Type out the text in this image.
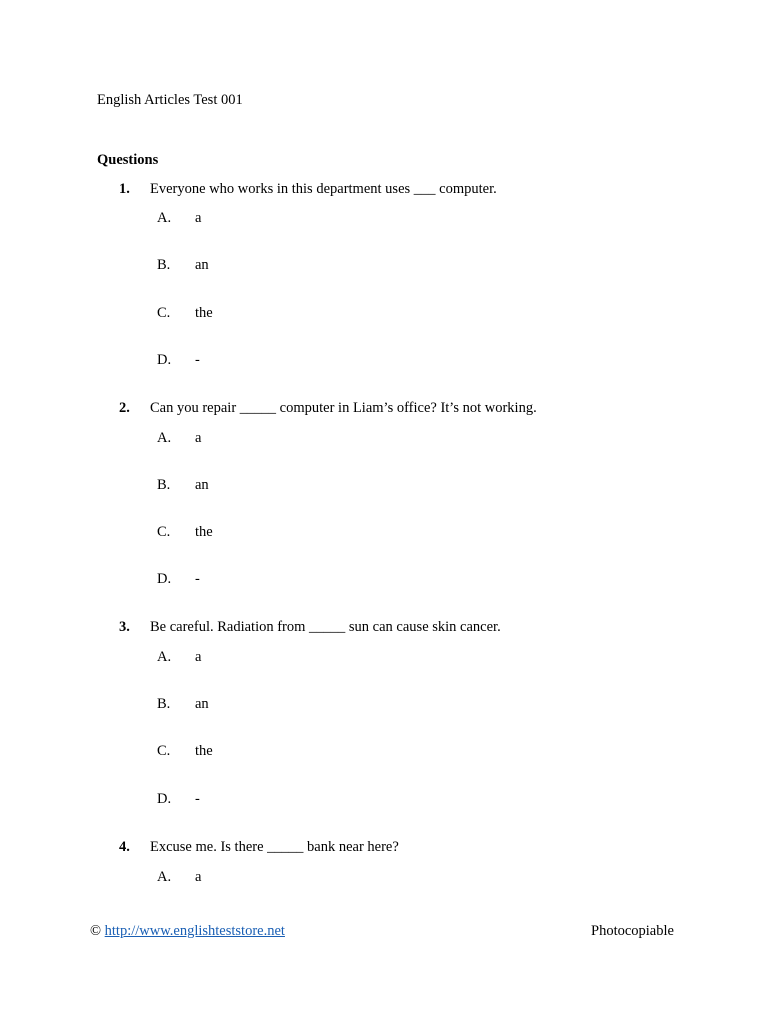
English Articles Test 001
Questions
1. Everyone who works in this department uses ___ computer.
A. a
B. an
C. the
D. -
2. Can you repair _____ computer in Liam’s office? It’s not working.
A. a
B. an
C. the
D. -
3. Be careful. Radiation from _____ sun can cause skin cancer.
A. a
B. an
C. the
D. -
4. Excuse me. Is there _____ bank near here?
A. a
© http://www.englishteststore.net	Photocopiable
